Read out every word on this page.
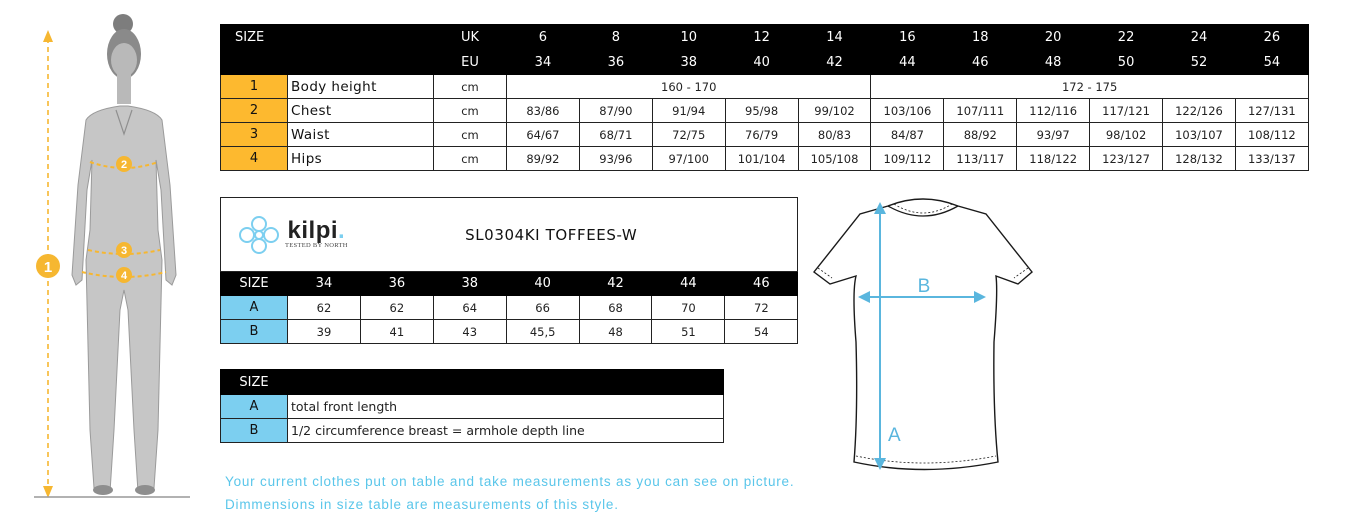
1
2
3
4
SIZE		UK	6	8	10	12	14	16	18	20	22	24	26
		EU	34	36	38	40	42	44	46	48	50	52	54
1	Body height	cm	160 - 170					172 - 175					
2	Chest	cm	83/86	87/90	91/94	95/98	99/102	103/106	107/111	112/116	117/121	122/126	127/131
3	Waist	cm	64/67	68/71	72/75	76/79	80/83	84/87	88/92	93/97	98/102	103/107	108/112
4	Hips	cm	89/92	93/96	97/100	101/104	105/108	109/112	113/117	118/122	123/127	128/132	133/137
kilpi.
TESTED BY NORTH
SL0304KI TOFFEES-W							

SIZE	34	36	38	40	42	44	46
A	62	62	64	66	68	70	72
B	39	41	43	45,5	48	51	54
SIZE	
A	total front length
B	1/2 circumference breast = armhole depth line
B
A
Your current clothes put on table and take measurements as you can see on picture.
Dimmensions in size table are measurements of this style.
